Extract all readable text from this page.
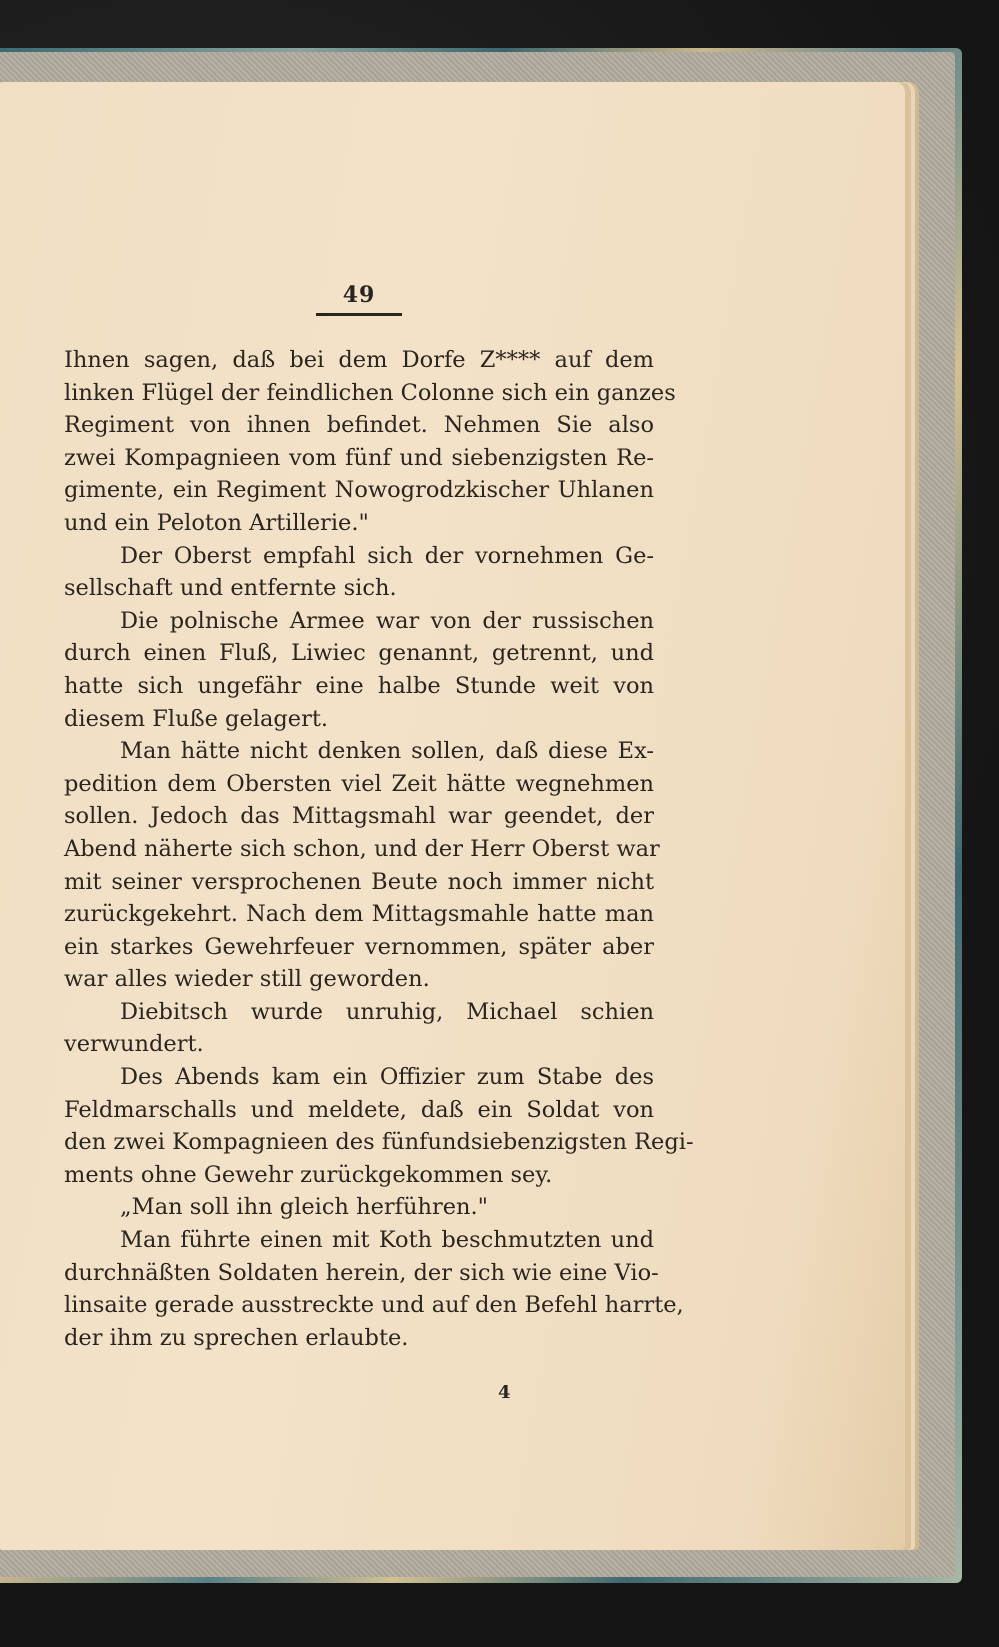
49
Ihnen sagen, daß bei dem Dorfe Z**** auf dem
linken Flügel der feindlichen Colonne sich ein ganzes
Regiment von ihnen befindet. Nehmen Sie also
zwei Kompagnieen vom fünf und siebenzigsten Re-
gimente, ein Regiment Nowogrodzkischer Uhlanen
und ein Peloton Artillerie."
Der Oberst empfahl sich der vornehmen Ge-
sellschaft und entfernte sich.
Die polnische Armee war von der russischen
durch einen Fluß, Liwiec genannt, getrennt, und
hatte sich ungefähr eine halbe Stunde weit von
diesem Fluße gelagert.
Man hätte nicht denken sollen, daß diese Ex-
pedition dem Obersten viel Zeit hätte wegnehmen
sollen. Jedoch das Mittagsmahl war geendet, der
Abend näherte sich schon, und der Herr Oberst war
mit seiner versprochenen Beute noch immer nicht
zurückgekehrt. Nach dem Mittagsmahle hatte man
ein starkes Gewehrfeuer vernommen, später aber
war alles wieder still geworden.
Diebitsch wurde unruhig, Michael schien
verwundert.
Des Abends kam ein Offizier zum Stabe des
Feldmarschalls und meldete, daß ein Soldat von
den zwei Kompagnieen des fünfundsiebenzigsten Regi-
ments ohne Gewehr zurückgekommen sey.
„Man soll ihn gleich herführen."
Man führte einen mit Koth beschmutzten und
durchnäßten Soldaten herein, der sich wie eine Vio-
linsaite gerade ausstreckte und auf den Befehl harrte,
der ihm zu sprechen erlaubte.
4
